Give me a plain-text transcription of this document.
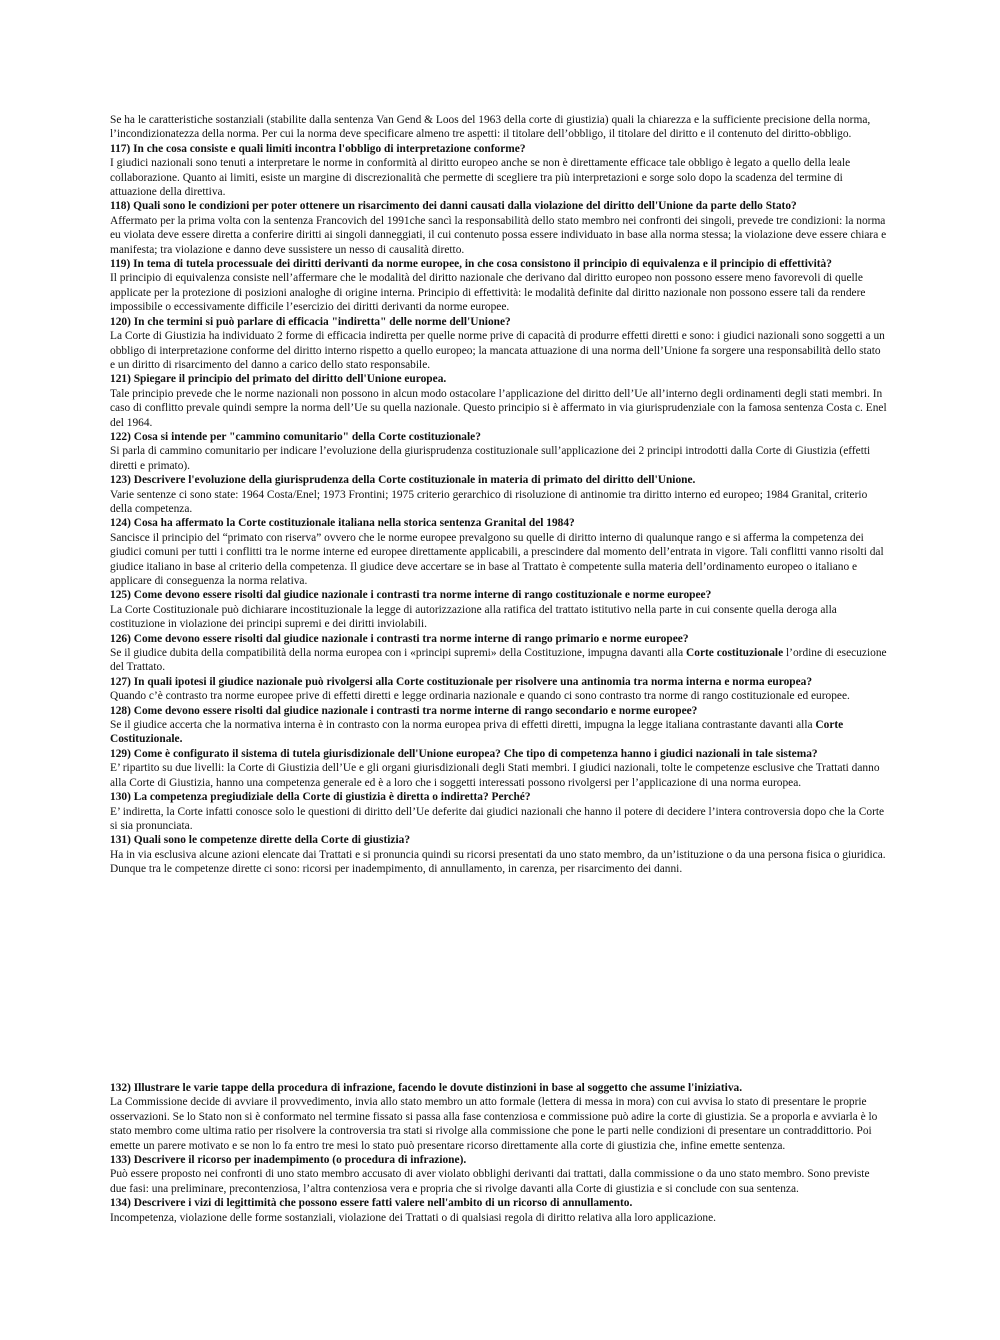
Se ha le caratteristiche sostanziali (stabilite dalla sentenza Van Gend & Loos del 1963 della corte di giustizia) quali la chiarezza e la sufficiente precisione della norma, l’incondizionatezza della norma. Per cui la norma deve specificare almeno tre aspetti: il titolare dell’obbligo, il titolare del diritto e il contenuto del diritto-obbligo.

117) In che cosa consiste e quali limiti incontra l'obbligo di interpretazione conforme?

I giudici nazionali sono tenuti a interpretare le norme in conformità al diritto europeo anche se non è direttamente efficace tale obbligo è legato a quello della leale collaborazione. Quanto ai limiti, esiste un margine di discrezionalità che permette di scegliere tra più interpretazioni e sorge solo dopo la scadenza del termine di attuazione della direttiva.

118) Quali sono le condizioni per poter ottenere un risarcimento dei danni causati dalla violazione del diritto dell'Unione da parte dello Stato?

Affermato per la prima volta con la sentenza Francovich del 1991che sancì la responsabilità dello stato membro nei confronti dei singoli, prevede tre condizioni: la norma eu violata deve essere diretta a conferire diritti ai singoli danneggiati, il cui contenuto possa essere individuato in base alla norma stessa; la violazione deve essere chiara e manifesta; tra violazione e danno deve sussistere un nesso di causalità diretto.

119) In tema di tutela processuale dei diritti derivanti da norme europee, in che cosa consistono il principio di equivalenza e il principio di effettività?

Il principio di equivalenza consiste nell’affermare che le modalità del diritto nazionale che derivano dal diritto europeo non possono essere meno favorevoli di quelle applicate per la protezione di posizioni analoghe di origine interna. Principio di effettività: le modalità definite dal diritto nazionale non possono essere tali da rendere impossibile o eccessivamente difficile l’esercizio dei diritti derivanti da norme europee.

120) In che termini si può parlare di efficacia "indiretta" delle norme dell'Unione?

La Corte di Giustizia ha individuato 2 forme di efficacia indiretta per quelle norme prive di capacità di produrre effetti diretti e sono: i giudici nazionali sono soggetti a un obbligo di interpretazione conforme del diritto interno rispetto a quello europeo; la mancata attuazione di una norma dell’Unione fa sorgere una responsabilità dello stato e un diritto di risarcimento del danno a carico dello stato responsabile.

121) Spiegare il principio del primato del diritto dell'Unione europea.

Tale principio prevede che le norme nazionali non possono in alcun modo ostacolare l’applicazione del diritto dell’Ue all’interno degli ordinamenti degli stati membri. In caso di conflitto prevale quindi sempre la norma dell’Ue su quella nazionale. Questo principio si è affermato in via giurisprudenziale con la famosa sentenza Costa c. Enel del 1964.

122) Cosa si intende per "cammino comunitario" della Corte costituzionale?

Si parla di cammino comunitario per indicare l’evoluzione della giurisprudenza costituzionale sull’applicazione dei 2 principi introdotti dalla Corte di Giustizia (effetti diretti e primato).

123) Descrivere l'evoluzione della giurisprudenza della Corte costituzionale in materia di primato del diritto dell'Unione.

Varie sentenze ci sono state: 1964 Costa/Enel; 1973 Frontini; 1975 criterio gerarchico di risoluzione di antinomie tra diritto interno ed europeo; 1984 Granital, criterio della competenza.

124) Cosa ha affermato la Corte costituzionale italiana nella storica sentenza Granital del 1984?

Sancisce il principio del “primato con riserva” ovvero che le norme europee prevalgono su quelle di diritto interno di qualunque rango e si afferma la competenza dei giudici comuni per tutti i conflitti tra le norme interne ed europee direttamente applicabili, a prescindere dal momento dell’entrata in vigore. Tali conflitti vanno risolti dal giudice italiano in base al criterio della competenza. Il giudice deve accertare se in base al Trattato è competente sulla materia dell’ordinamento europeo o italiano e applicare di conseguenza la norma relativa.

125) Come devono essere risolti dal giudice nazionale i contrasti tra norme interne di rango costituzionale e norme europee?

La Corte Costituzionale può dichiarare incostituzionale la legge di autorizzazione alla ratifica del trattato istitutivo nella parte in cui consente quella deroga alla costituzione in violazione dei principi supremi e dei diritti inviolabili.

126) Come devono essere risolti dal giudice nazionale i contrasti tra norme interne di rango primario e norme europee?

Se il giudice dubita della compatibilità della norma europea con i «principi supremi» della Costituzione, impugna davanti alla Corte costituzionale l’ordine di esecuzione del Trattato.

127) In quali ipotesi il giudice nazionale può rivolgersi alla Corte costituzionale per risolvere una antinomia tra norma interna e norma europea?

Quando c’è contrasto tra norme europee prive di effetti diretti e legge ordinaria nazionale e quando ci sono contrasto tra norme di rango costituzionale ed europee.

128) Come devono essere risolti dal giudice nazionale i contrasti tra norme interne di rango secondario e norme europee?

Se il giudice accerta che la normativa interna è in contrasto con la norma europea priva di effetti diretti, impugna la legge italiana contrastante davanti alla Corte Costituzionale.

129) Come è configurato il sistema di tutela giurisdizionale dell'Unione europea? Che tipo di competenza hanno i giudici nazionali in tale sistema?

E’ ripartito su due livelli: la Corte di Giustizia dell’Ue e gli organi giurisdizionali degli Stati membri. I giudici nazionali, tolte le competenze esclusive che Trattati danno alla Corte di Giustizia, hanno una competenza generale ed è a loro che i soggetti interessati possono rivolgersi per l’applicazione di una norma europea.

130) La competenza pregiudiziale della Corte di giustizia è diretta o indiretta? Perché?

E’ indiretta, la Corte infatti conosce solo le questioni di diritto dell’Ue deferite dai giudici nazionali che hanno il potere di decidere l’intera controversia dopo che la Corte si sia pronunciata.

131) Quali sono le competenze dirette della Corte di giustizia?

Ha in via esclusiva alcune azioni elencate dai Trattati e si pronuncia quindi su ricorsi presentati da uno stato membro, da un’istituzione o da una persona fisica o giuridica. Dunque tra le competenze dirette ci sono: ricorsi per inadempimento, di annullamento, in carenza, per risarcimento dei danni.

132) Illustrare le varie tappe della procedura di infrazione, facendo le dovute distinzioni in base al soggetto che assume l'iniziativa.

La Commissione decide di avviare il provvedimento, invia allo stato membro un atto formale (lettera di messa in mora) con cui avvisa lo stato di presentare le proprie osservazioni. Se lo Stato non si è conformato nel termine fissato si passa alla fase contenziosa e commissione può adire la corte di giustizia. Se a proporla e avviarla è lo stato membro come ultima ratio per risolvere la controversia tra stati si rivolge alla commissione che pone le parti nelle condizioni di presentare un contraddittorio. Poi emette un parere motivato e se non lo fa entro tre mesi lo stato può presentare ricorso direttamente alla corte di giustizia che, infine emette sentenza.

133) Descrivere il ricorso per inadempimento (o procedura di infrazione).

Può essere proposto nei confronti di uno stato membro accusato di aver violato obblighi derivanti dai trattati, dalla commissione o da uno stato membro. Sono previste due fasi: una preliminare, precontenziosa, l’altra contenziosa vera e propria che si rivolge davanti alla Corte di giustizia e si conclude con sua sentenza.

134) Descrivere i vizi di legittimità che possono essere fatti valere nell'ambito di un ricorso di annullamento.

Incompetenza, violazione delle forme sostanziali, violazione dei Trattati o di qualsiasi regola di diritto relativa alla loro applicazione.
